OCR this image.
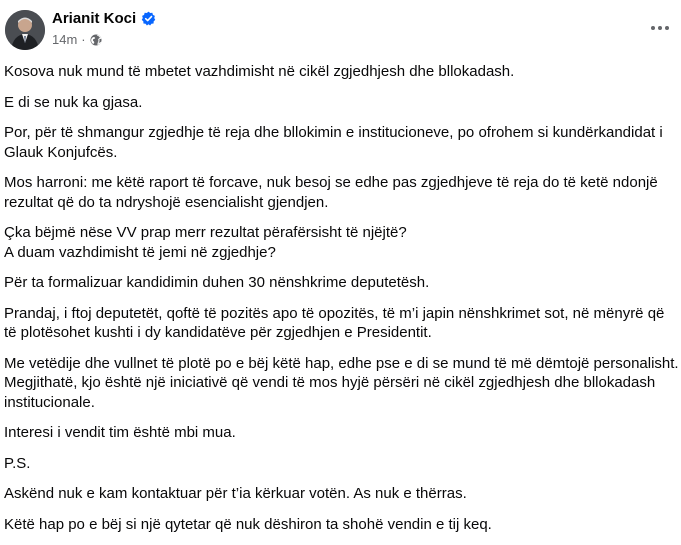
Arianit Koci
14m ·

Kosova nuk mund të mbetet vazhdimisht në cikël zgjedhjesh dhe bllokadash.

E di se nuk ka gjasa.

Por, për të shmangur zgjedhje të reja dhe bllokimin e institucioneve, po ofrohem si kundërkandidat i
Glauk Konjufcës.

Mos harroni: me këtë raport të forcave, nuk besoj se edhe pas zgjedhjeve të reja do të ketë ndonjë
rezultat që do ta ndryshojë esencialisht gjendjen.

Çka bëjmë nëse VV prap merr rezultat përafërsisht të njëjtë?
A duam vazhdimisht të jemi në zgjedhje?

Për ta formalizuar kandidimin duhen 30 nënshkrime deputetësh.

Prandaj, i ftoj deputetët, qoftë të pozitës apo të opozitës, të m’i japin nënshkrimet sot, në mënyrë që
të plotësohet kushti i dy kandidatëve për zgjedhjen e Presidentit.

Me vetëdije dhe vullnet të plotë po e bëj këtë hap, edhe pse e di se mund të më dëmtojë personalisht.
Megjithatë, kjo është një iniciativë që vendi të mos hyjë përsëri në cikël zgjedhjesh dhe bllokadash
institucionale.

Interesi i vendit tim është mbi mua.

P.S.

Askënd nuk e kam kontaktuar për t’ia kërkuar votën. As nuk e thërras.

Këtë hap po e bëj si një qytetar që nuk dëshiron ta shohë vendin e tij keq.
